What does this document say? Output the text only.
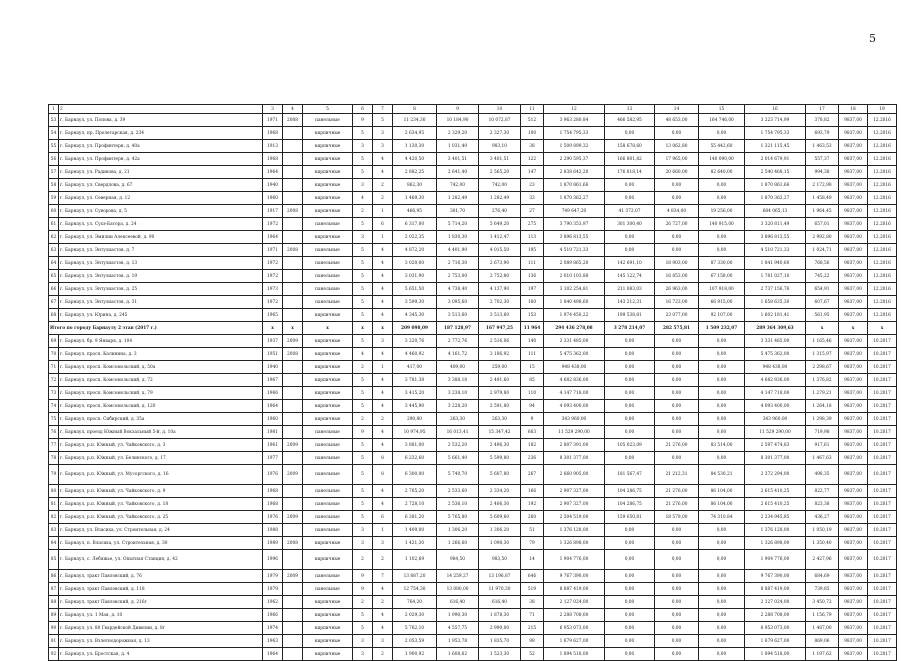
5
1	2	3	4	5	6	7	8	9	10	11	12	13	14	15	16	17	18	19
53	г. Барнаул, ул. Попова, д. 39	1971	2008	панельные	9	5	11 234,30	10 184,90	10 072,87	512	3 963 280,84	466 582,95	48 653,00	164 746,00	3 223 714,99	378,82	9837,00	12.2016
54	г. Барнаул, пр. Пролетарская, д. 234	1968		кирпичные	5	3	2 634,95	2 329,20	2 327,30	100	1 754 795,33	0,00	0,00	0,00	1 754 795,33	693,79	9837,00	12.2016
55	г. Барнаул, ул. Профинтерн, д. 40а	1913		кирпичные	3	3	1 130,30	1 031,40	983,10	38	1 509 899,32	158 678,60	13 062,80	55 442,60	1 321 115,45	1 463,53	9837,00	12.2016
56	г. Барнаул, ул. Профинтерн, д. 42а	1968		кирпичные	5	4	4 420,50	3 401,51	3 401,51	122	2 290 595,37	166 801,82	17 965,00	140 090,00	2 014 679,91	557,37	9837,00	12.2016
57	г. Барнаул, ул. Радикова, д. 21	1964		кирпичные	5	4	2 882,25	2 641,40	2 565,20	147	2 838 642,20	176 818,14	20 660,00	82 640,00	2 540 468,15	994,38	9837,00	12.2016
58	г. Барнаул, ул. Свердлова, д. 67	1940		кирпичные	3	2	862,30	742,00	742,00	23	1 870 861,66	0,00	0,00	0,00	1 870 861,66	2 172,98	9837,00	12.2016
59	г. Барнаул, ул. Северная, д. 12	1960		кирпичные	4	2	1 469,30	1 282,49	1 282,49	33	1 870 362,27	0,00	0,00	0,00	1 870 362,27	1 458,49	9837,00	12.2016
60	г. Барнаул, ул. Суворова, д. 5	1917	2008	кирпичные	2	1	466,95	381,70	276,40	27	749 647,20	41 372,07	4 834,00	19 256,00	684 065,13	1 964,45	9837,00	12.2016
61	г. Барнаул, ул. Сухэ-Батора, д. 24	1972		панельные	5	6	6 317,00	5 714,20	5 649,20	275	3 790 353,97	301 300,40	26 727,00	140 915,00	3 320 811,49	657,01	9837,00	12.2016
62	г. Барнаул, ул. Эмилии Алексеевой, д. 90	1964		кирпичные	3	1	2 022,35	1 830,30	1 412,47	113	3 896 813,55	0,00	0,00	0,00	3 896 813,55	2 992,80	9837,00	12.2016
63	г. Барнаул, ул. Энтузиастов, д. 7	1971	2008	панельные	5	4	4 872,20	4 401,90	4 015,50	195	4 510 721,33	0,00	0,00	0,00	4 510 721,33	1 024,71	9837,00	12.2016
64	г. Барнаул, ул. Энтузиастов, д. 13	1972		панельные	5	4	3 020,00	2 716,30	2 673,90	111	2 089 865,20	142 691,10	18 903,00	87 330,00	1 841 940,60	768,56	9837,00	12.2016
65	г. Барнаул, ул. Энтузиастов, д. 19	1972		панельные	5	4	3 031,90	2 753,00	2 752,80	136	2 010 103,88	145 122,74	16 853,00	67 158,00	1 781 027,10	745,22	9837,00	12.2016
66	г. Барнаул, ул. Энтузиастов, д. 25	1973		панельные	5	4	5 651,50	4 738,40	4 137,90	197	3 102 254,81	211 083,03	26 963,00	107 918,00	2 737 156,76	654,91	9837,00	12.2016
67	г. Барнаул, ул. Энтузиастов, д. 31	1972		панельные	5	4	3 599,30	3 095,60	2 702,30	160	1 840 498,60	143 212,31	16 723,00	66 915,00	1 658 635,30	607,67	9837,00	12.2016
68	г. Барнаул, ул. Юрина, д. 245	1965		кирпичные	5	4	4 345,30	3 513,60	3 513,60	153	1 974 450,22	199 538,81	23 077,00	92 107,00	1 602 181,41	561,95	9837,00	12.2016
Итого по городу Барнаулу 2 этап (2017 г.)		x	x	x	x	x	209 098,09	187 128,97	167 947,25	11 964	294 436 278,08	3 278 214,07	282 575,81	1 509 232,07	289 364 309,63	x	x	x
69	г. Барнаул, бр. 9 Января, д. 104	1937	2009	кирпичные	5	3	3 220,76	2 772,76	2 516,06	140	3 331 485,00	0,00	0,00	0,00	3 331 485,00	1 165,46	9837,00	10.2017
70	г. Барнаул, просп. Калинина, д. 3	1951	2008	кирпичные	4	4	4 460,92	4 161,72	3 186,92	111	5 475 362,00	0,00	0,00	0,00	5 475 362,00	1 315,97	9837,00	10.2017
71	г. Барнаул, просп. Комсомольский, д. 50а	1940		кирпичные	2	1	417,00	409,00	259,00	15	948 438,00	0,00	0,00	0,00	948 438,00	2 298,67	9837,00	10.2017
72	г. Барнаул, просп. Комсомольский, д. 72	1967		кирпичные	5	4	3 781,38	3 388,18	2 491,60	85	4 682 836,00	0,00	0,00	0,00	4 682 836,00	1 376,82	9837,00	10.2017
73	г. Барнаул, просп. Комсомольский, д. 79	1966		кирпичные	5	4	3 415,20	3 238,10	2 979,80	110	4 147 718,00	0,00	0,00	0,00	4 147 718,00	1 279,21	9837,00	10.2017
74	г. Барнаул, просп. Комсомольский, д. 120	1964		кирпичные	5	4	3 445,90	3 228,20	2 591,80	94	4 093 400,00	0,00	0,00	0,00	4 093 400,00	1 264,18	9837,00	10.2017
75	г. Барнаул, просп. Сибирский, д. 35а	1960		кирпичные	2	2	290,80	263,30	263,30	9	343 960,00	0,00	0,00	0,00	343 960,00	1 298,39	9837,00	10.2017
76	г. Барнаул, проезд Южный Вокзальный 5-й, д. 10а	1981		панельные	9	4	10 974,95	16 013,41	15 347,42	663	11 529 290,00	0,00	0,00	0,00	11 529 290,00	719,98	9837,00	10.2017
77	г. Барнаул, р.п. Южный, ул. Чайковского, д. 3	1961	2009	панельные	5	4	3 881,00	2 532,20	2 496,30	182	2 807 391,00	105 023,09	21 276,00	83 514,00	2 597 474,83	917,61	9837,00	10.2017
78	г. Барнаул, р.п. Южный, ул. Белинского, д. 17	1977		панельные	5	8	6 232,60	5 661,40	5 599,80	236	8 301 377,00	0,00	0,00	0,00	8 301 377,00	1 467,63	9837,00	10.2017
79	г. Барнаул, р.п. Южный, ул. Мусоргского, д. 16	1976	2009	панельные	5	8	6 300,00	5 740,70	5 607,80	267	2 660 905,00	181 567,47	21 212,31	84 530,21	2 372 294,00	498,35	9837,00	10.2017
80	г. Барнаул, р.п. Южный, ул. Чайковского, д. 9	1968		панельные	5	4	2 765,20	2 533,60	2 334,20	166	2 907 327,00	104 286,75	21 276,00	86 104,00	2 615 410,25	822,77	9837,00	10.2017
81	г. Барнаул, р.п. Южный, ул. Чайковского, д. 18	1968		панельные	5	4	2 728,10	2 536,10	2 406,30	192	2 907 327,00	104 286,75	21 276,00	86 104,00	2 615 410,25	823,38	9837,00	10.2017
82	г. Барнаул, р.п. Южный, ул. Чайковского, д. 25	1976	2009	панельные	5	6	6 381,20	5 765,80	5 609,60	260	2 504 519,00	159 050,81	18 579,00	74 310,84	2 234 945,85	436,27	9837,00	10.2017
83	г. Барнаул, ул. Власиха, ул. Строительная, д. 24	1988		панельные	3	1	1 409,00	1 306,20	1 306,20	51	1 376 128,00	0,00	0,00	0,00	1 376 128,00	1 050,19	9837,00	10.2017
84	г. Барнаул, п. Власиха, ул. Строительная, д. 30	1989	2008	кирпичные	3	3	1 421,30	1 266,60	1 098,30	79	1 326 898,00	0,00	0,00	0,00	1 326 898,00	1 350,40	9837,00	10.2017
85	г. Барнаул, с. Лебяжье, ул. Опытная Станция, д. 42	1996		кирпичные	2	2	1 102,69	984,50	983,50	14	1 904 776,00	0,00	0,00	0,00	1 904 776,00	2 427,96	9837,00	10.2017
86	г. Барнаул, тракт Павловский, д. 76	1979	2009	панельные	9	7	13 887,20	14 259,27	13 196,87	646	9 767 390,00	0,00	0,00	0,00	9 767 390,00	684,69	9837,00	10.2017
87	г. Барнаул, тракт Павловский, д. 118	1979		панельные	9	4	12 754,30	13 080,00	11 970,30	519	8 887 419,00	0,00	0,00	0,00	8 887 419,00	739,85	9837,00	10.2017
88	г. Барнаул, тракт Павловский, д. 216г	1962		кирпичные	2	2	764,20	616,40	616,40	38	2 127 024,00	0,00	0,00	0,00	2 127 024,00	3 450,72	9837,00	10.2017
89	г. Барнаул, ул. 1 Мая, д. 10	1966		кирпичные	5	4	2 029,30	1 990,30	1 878,30	71	2 288 708,00	0,00	0,00	0,00	2 288 708,00	1 156,79	9837,00	10.2017
90	г. Барнаул, ул. 80 Гвардейской Дивизии, д. 8г	1974		кирпичные	5	4	5 762,10	4 557,75	2 990,00	215	6 953 073,00	0,00	0,00	0,00	6 953 073,00	1 487,00	9837,00	10.2017
91	г. Барнаул, ул. Взлетнодорожная, д. 13	1963		кирпичные	3	3	2 053,59	1 953,78	1 835,70	98	1 679 627,00	0,00	0,00	0,00	1 679 627,00	869,06	9837,00	10.2017
92	г. Барнаул, ул. Бростская, д. 4	1964		кирпичные	3	2	1 900,92	1 608,62	1 523,30	52	1 894 518,00	0,00	0,00	0,00	1 894 518,00	1 197,62	9837,00	10.2017
